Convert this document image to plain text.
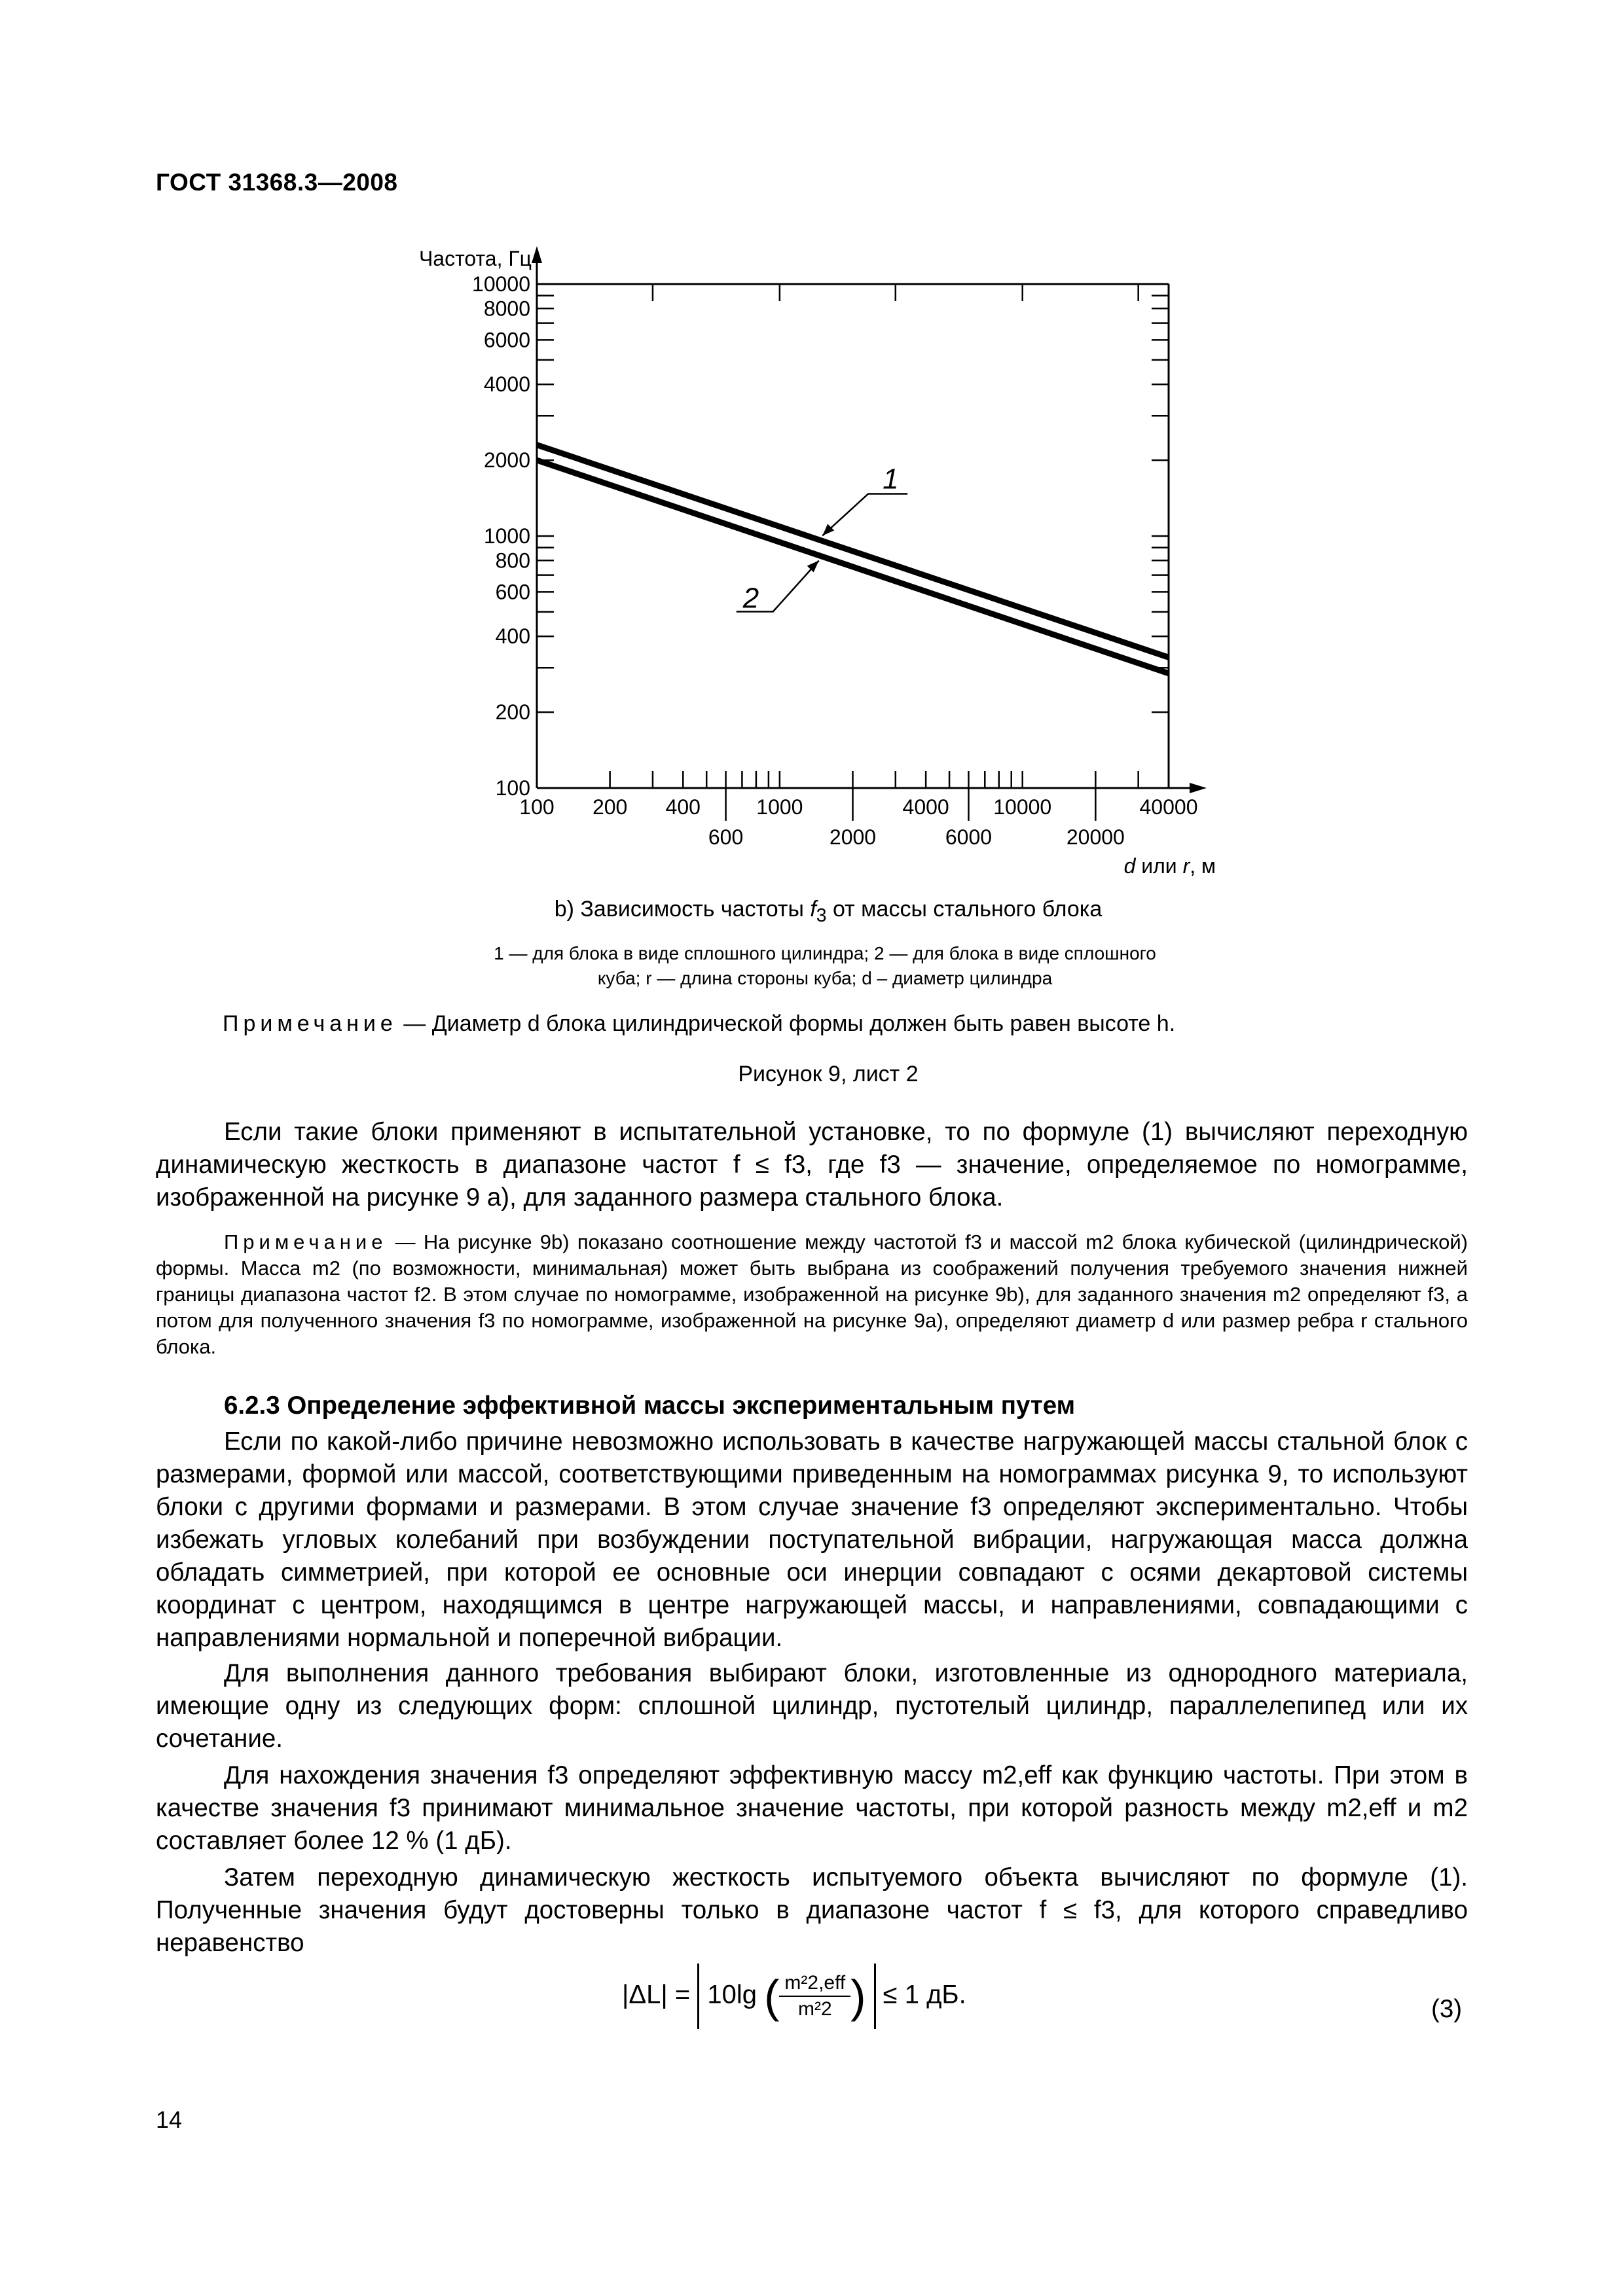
ГОСТ 31368.3—2008
10000
8000
6000
4000
2000
1000
800
600
400
200
100
100 200 400	1000	4000 10000	40000
600	2000	6000	20000
1
2
Частота, Гц
d или r, м
b) Зависимость частоты $f_3$ от массы стального блока
1 — для блока в виде сплошного цилиндра; 2 — для блока в виде сплошного
куба; r — длина стороны куба; d – диаметр цилиндра
Примечание — Диаметр d блока цилиндрической формы должен быть равен высоте h.
Рисунок 9, лист 2
Если такие блоки применяют в испытательной установке, то по формуле (1) вычисляют переходную динамическую жесткость в диапазоне частот f ≤ f3, где f3 — значение, определяемое по номограмме, изображенной на рисунке 9 а), для заданного размера стального блока.
Примечание — На рисунке 9b) показано соотношение между частотой f3 и массой m2 блока кубической (цилиндрической) формы. Масса m2 (по возможности, минимальная) может быть выбрана из соображений получения требуемого значения нижней границы диапазона частот f2. В этом случае по номограмме, изображенной на рисунке 9b), для заданного значения m2 определяют f3, а потом для полученного значения f3 по номограмме, изображенной на рисунке 9а), определяют диаметр d или размер ребра r стального блока.
6.2.3 Определение эффективной массы экспериментальным путем
Если по какой-либо причине невозможно использовать в качестве нагружающей массы стальной блок с размерами, формой или массой, соответствующими приведенным на номограммах рисунка 9, то используют блоки с другими формами и размерами. В этом случае значение f3 определяют экспериментально. Чтобы избежать угловых колебаний при возбуждении поступательной вибрации, нагружающая масса должна обладать симметрией, при которой ее основные оси инерции совпадают с осями декартовой системы координат с центром, находящимся в центре нагружающей массы, и направлениями, совпадающими с направлениями нормальной и поперечной вибрации.
Для выполнения данного требования выбирают блоки, изготовленные из однородного материала, имеющие одну из следующих форм: сплошной цилиндр, пустотелый цилиндр, параллелепипед или их сочетание.
Для нахождения значения f3 определяют эффективную массу m2,eff как функцию частоты. При этом в качестве значения f3 принимают минимальное значение частоты, при которой разность между m2,eff и m2 составляет более 12 % (1 дБ).
Затем переходную динамическую жесткость испытуемого объекта вычисляют по формуле (1). Полученные значения будут достоверны только в диапазоне частот f ≤ f3, для которого справедливо неравенство
|ΔL| = 10lg ( $\frac{\text{m²2,eff}}{\text{m²2}}$ ) ≤ 1 дБ.	(3)
14
